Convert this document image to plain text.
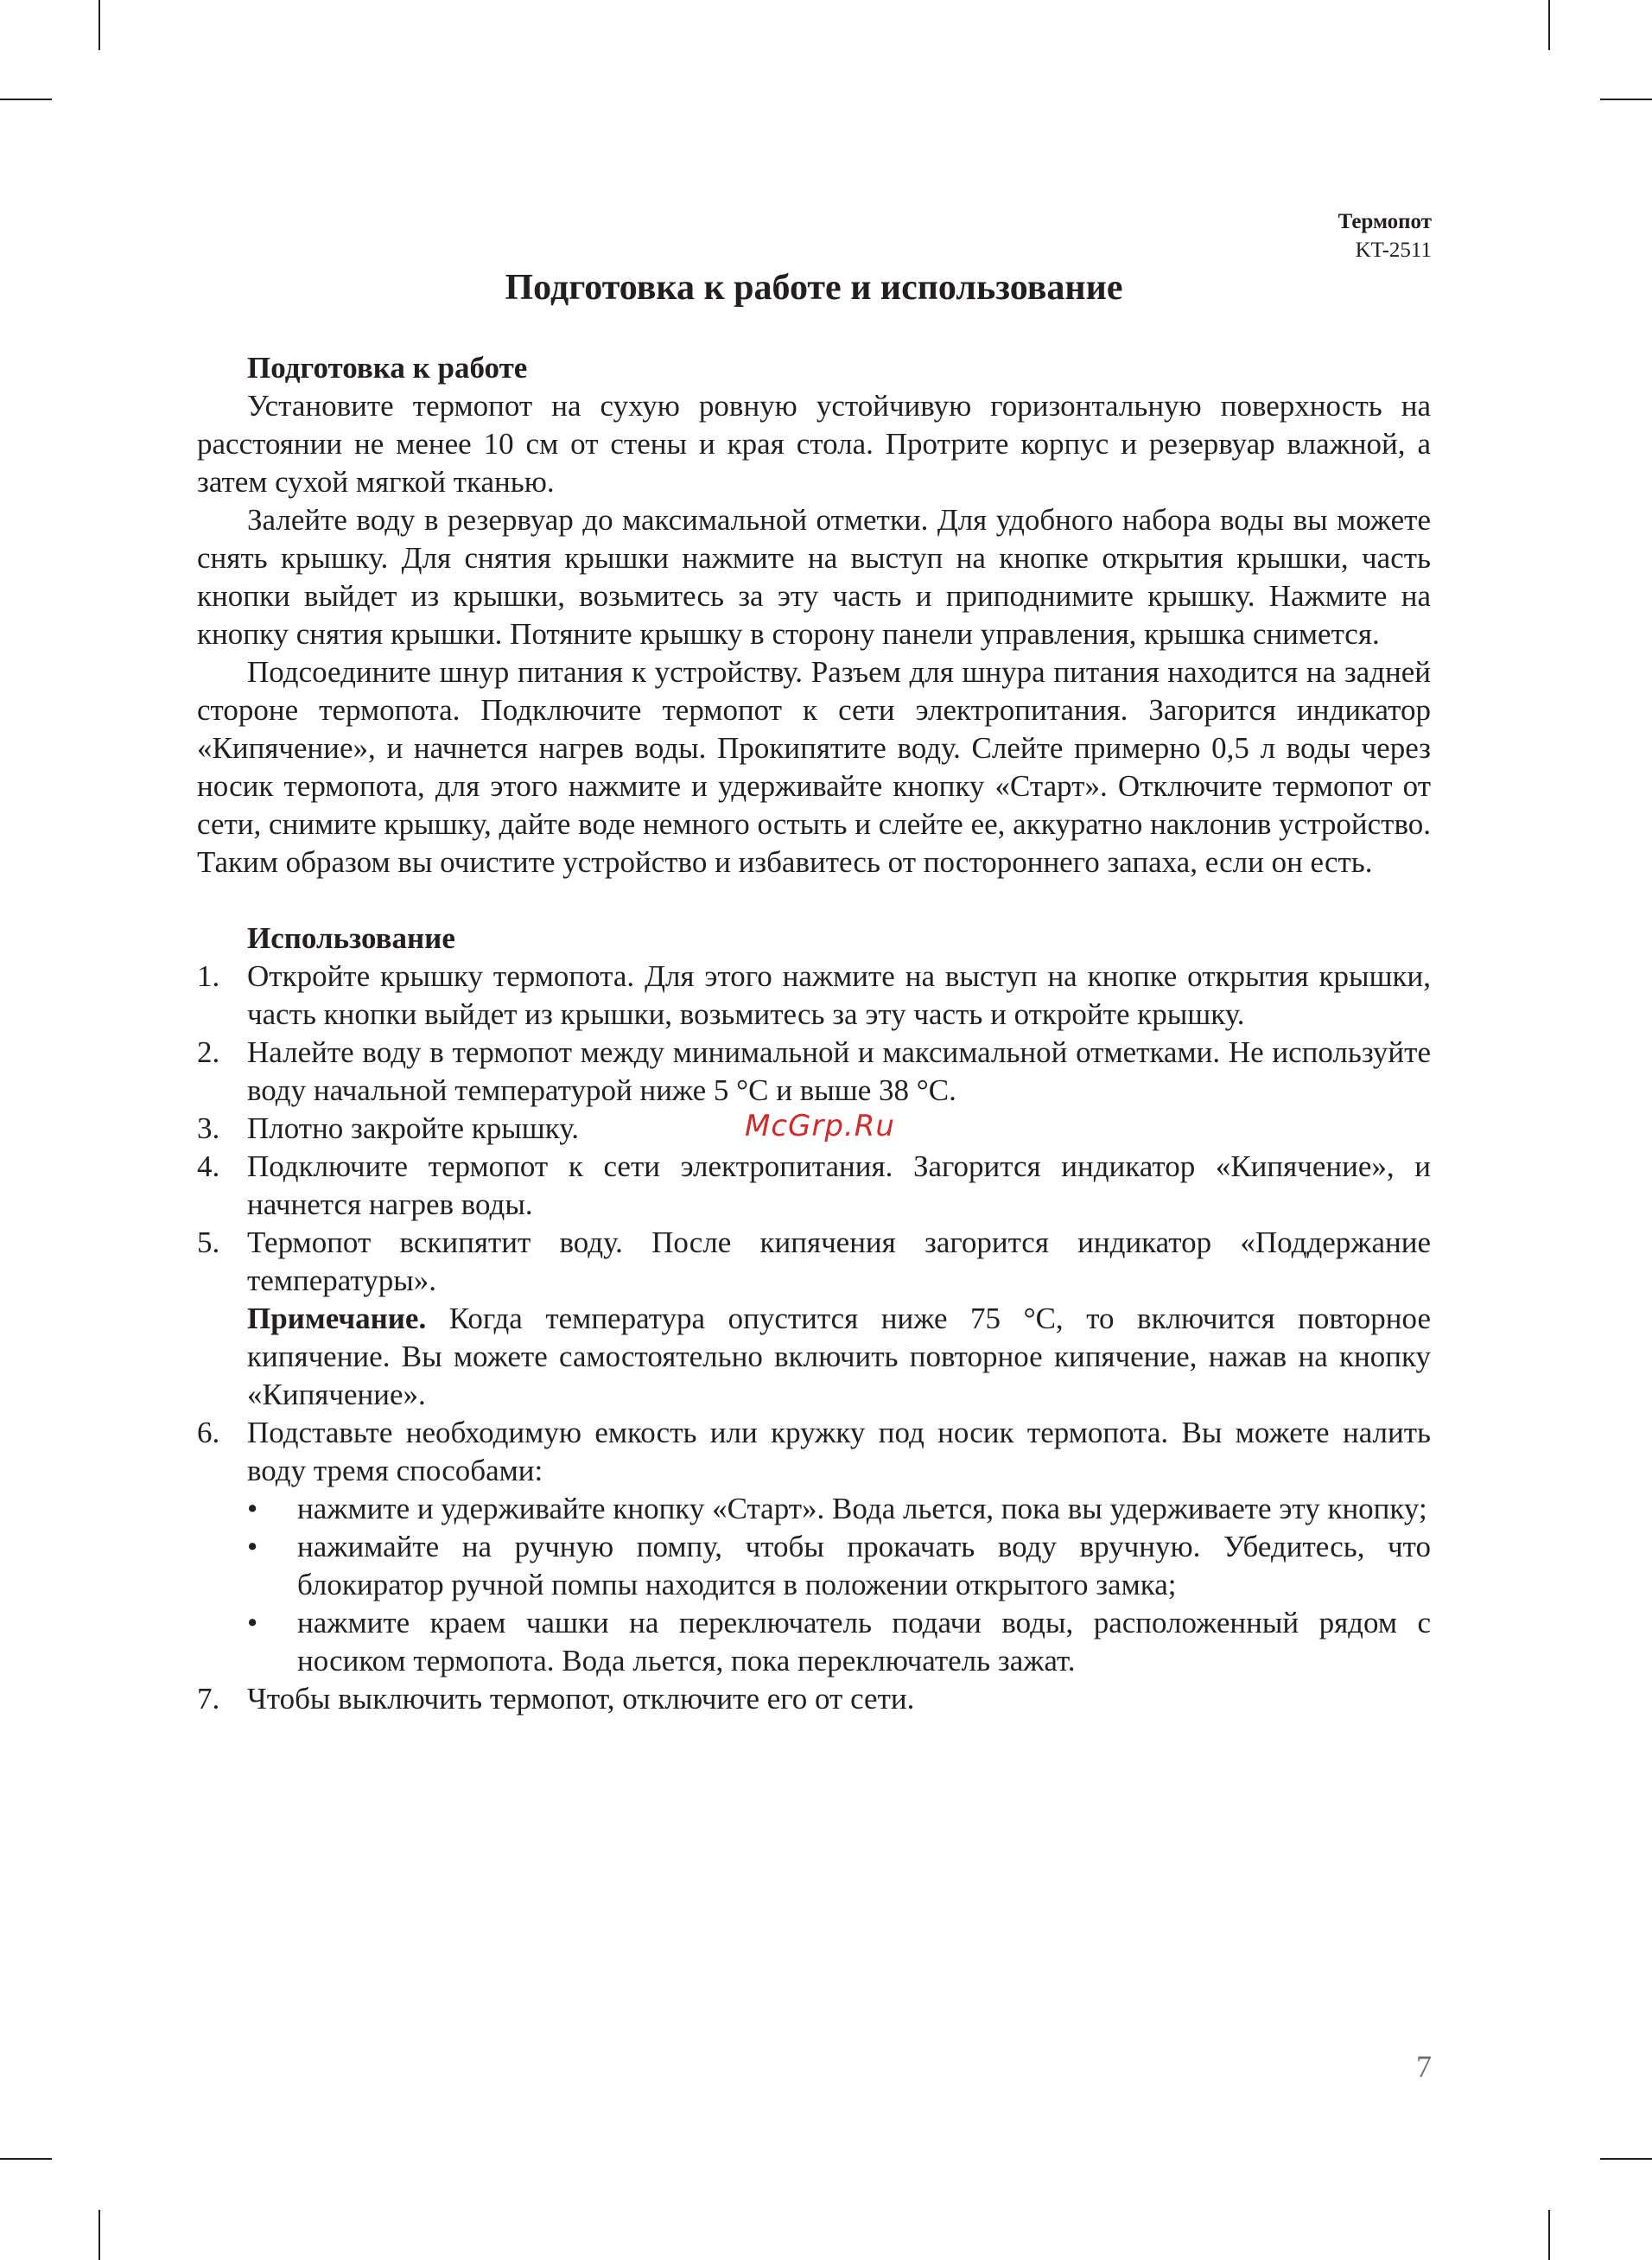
Термопот
KT-2511
Подготовка к работе и использование
Подготовка к работе

Установите термопот на сухую ровную устойчивую горизонтальную поверхность на расстоянии не менее 10 см от стены и края стола. Протрите корпус и резервуар влажной, а затем сухой мягкой тканью.

Залейте воду в резервуар до максимальной отметки. Для удобного набора воды вы можете снять крышку. Для снятия крышки нажмите на выступ на кнопке открытия крышки, часть кнопки выйдет из крышки, возьмитесь за эту часть и приподнимите крышку. Нажмите на кнопку снятия крышки. Потяните крышку в сторону панели управления, крышка снимется.

Подсоедините шнур питания к устройству. Разъем для шнура питания находится на задней стороне термопота. Подключите термопот к сети электропитания. Загорится индикатор «Кипячение», и начнется нагрев воды. Прокипятите воду. Слейте примерно 0,5 л воды через носик термопота, для этого нажмите и удерживайте кнопку «Старт». Отключите термопот от сети, снимите крышку, дайте воде немного остыть и слейте ее, аккуратно наклонив устройство. Таким образом вы очистите устройство и избавитесь от постороннего запаха, если он есть.

Использование
1. Откройте крышку термопота. Для этого нажмите на выступ на кнопке открытия крышки, часть кнопки выйдет из крышки, возьмитесь за эту часть и откройте крышку.

2. Налейте воду в термопот между минимальной и максимальной отметками. Не используйте воду начальной температурой ниже 5 °С и выше 38 °С.

3. Плотно закройте крышку.

4. Подключите термопот к сети электропитания. Загорится индикатор «Кипячение», и начнется нагрев воды.

5. Термопот вскипятит воду. После кипячения загорится индикатор «Поддержание температуры».

Примечание. Когда температура опустится ниже 75 °С, то включится повторное кипячение. Вы можете самостоятельно включить повторное кипячение, нажав на кнопку «Кипячение».

6. Подставьте необходимую емкость или кружку под носик термопота. Вы можете налить воду тремя способами:

• нажмите и удерживайте кнопку «Старт». Вода льется, пока вы удерживаете эту кнопку;
• нажимайте на ручную помпу, чтобы прокачать воду вручную. Убедитесь, что блокиратор ручной помпы находится в положении открытого замка;
• нажмите краем чашки на переключатель подачи воды, расположенный рядом с носиком термопота. Вода льется, пока переключатель зажат.
7. Чтобы выключить термопот, отключите его от сети.

McGrp.Ru
7
